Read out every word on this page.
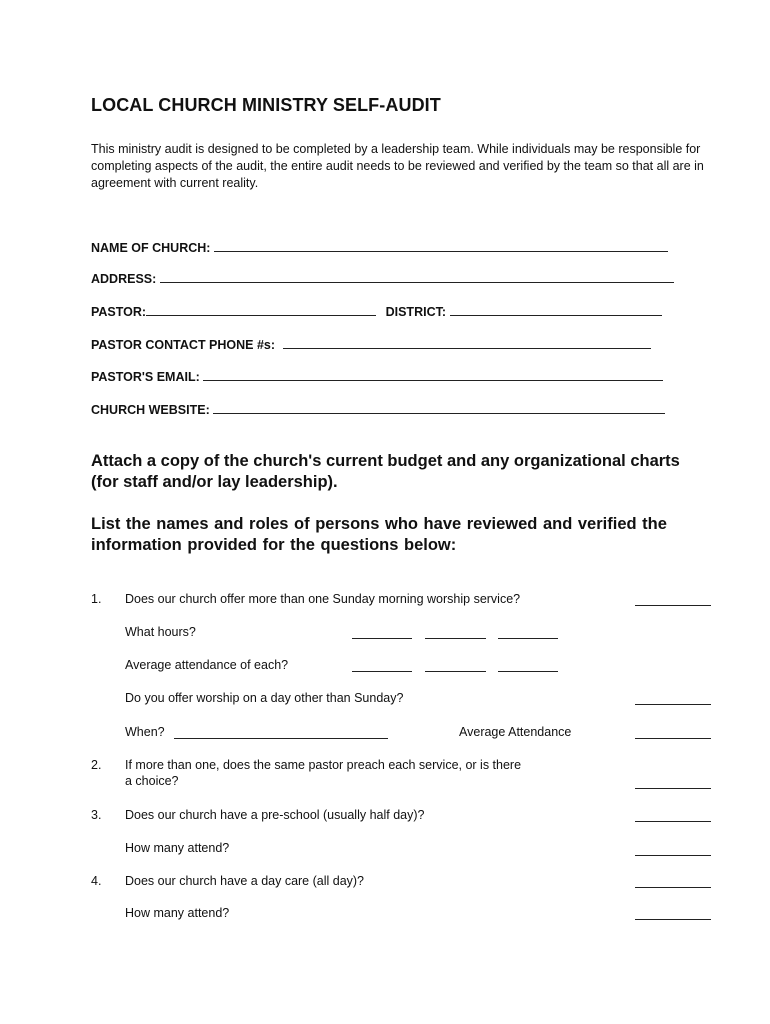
LOCAL CHURCH MINISTRY SELF-AUDIT
This ministry audit is designed to be completed by a leadership team. While individuals may be responsible for completing aspects of the audit, the entire audit needs to be reviewed and verified by the team so that all are in agreement with current reality.
NAME OF CHURCH:
ADDRESS:
PASTOR:	DISTRICT:
PASTOR CONTACT PHONE #s:
PASTOR'S EMAIL:
CHURCH WEBSITE:
Attach a copy of the church's current budget and any organizational charts (for staff and/or lay leadership).
List the names and roles of persons who have reviewed and verified the information provided for the questions below:
1. Does our church offer more than one Sunday morning worship service?
What hours?
Average attendance of each?
Do you offer worship on a day other than Sunday?
When?	Average Attendance
2. If more than one, does the same pastor preach each service, or is there
a choice?
3. Does our church have a pre-school (usually half day)?
How many attend?
4. Does our church have a day care (all day)?
How many attend?
